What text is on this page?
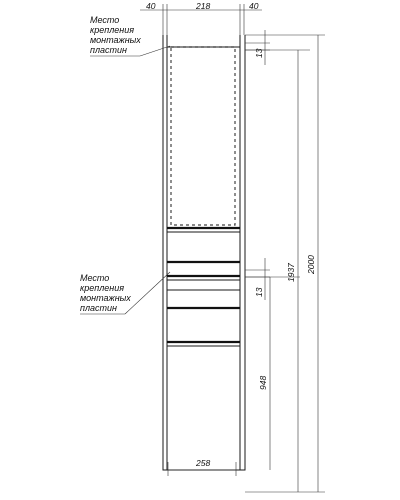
40	218	40
Место
крепления
монтажных
пластин
Место
крепления
монтажных
пластин
13
13
948
1937 2000
258
